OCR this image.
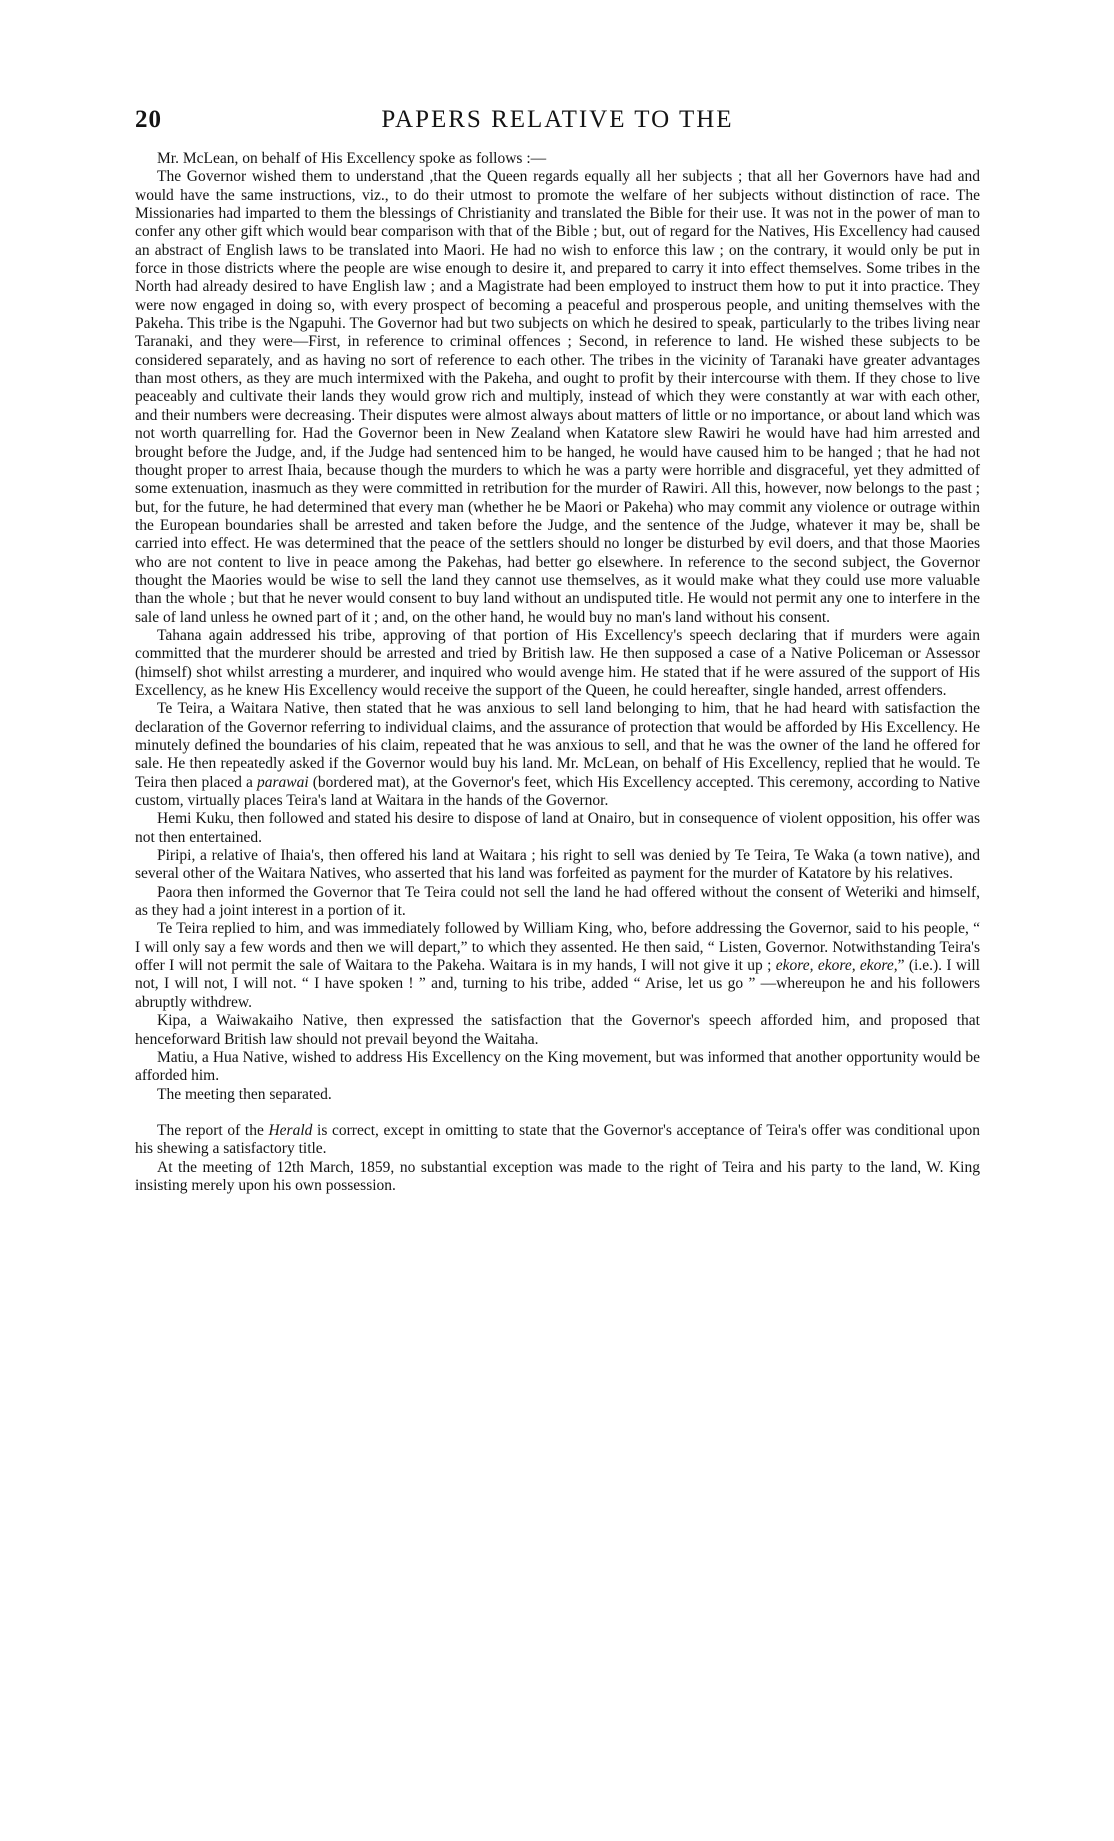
20	PAPERS RELATIVE TO THE

Mr. McLean, on behalf of His Excellency spoke as follows :—

The Governor wished them to understand ,that the Queen regards equally all her subjects ; that all her Governors have had and would have the same instructions, viz., to do their utmost to promote the welfare of her subjects without distinction of race. The Missionaries had imparted to them the blessings of Christianity and translated the Bible for their use. It was not in the power of man to confer any other gift which would bear comparison with that of the Bible ; but, out of regard for the Natives, His Excellency had caused an abstract of English laws to be translated into Maori. He had no wish to enforce this law ; on the contrary, it would only be put in force in those districts where the people are wise enough to desire it, and prepared to carry it into effect themselves. Some tribes in the North had already desired to have English law ; and a Magistrate had been employed to instruct them how to put it into practice. They were now engaged in doing so, with every prospect of becoming a peaceful and prosperous people, and uniting themselves with the Pakeha. This tribe is the Ngapuhi. The Governor had but two subjects on which he desired to speak, particularly to the tribes living near Taranaki, and they were—First, in reference to criminal offences ; Second, in reference to land. He wished these subjects to be considered separately, and as having no sort of reference to each other. The tribes in the vicinity of Taranaki have greater advantages than most others, as they are much intermixed with the Pakeha, and ought to profit by their intercourse with them. If they chose to live peaceably and cultivate their lands they would grow rich and multiply, instead of which they were constantly at war with each other, and their numbers were decreasing. Their disputes were almost always about matters of little or no importance, or about land which was not worth quarrelling for. Had the Governor been in New Zealand when Katatore slew Rawiri he would have had him arrested and brought before the Judge, and, if the Judge had sentenced him to be hanged, he would have caused him to be hanged ; that he had not thought proper to arrest Ihaia, because though the murders to which he was a party were horrible and disgraceful, yet they admitted of some extenuation, inasmuch as they were committed in retribution for the murder of Rawiri. All this, however, now belongs to the past ; but, for the future, he had determined that every man (whether he be Maori or Pakeha) who may commit any violence or outrage within the European boundaries shall be arrested and taken before the Judge, and the sentence of the Judge, whatever it may be, shall be carried into effect. He was determined that the peace of the settlers should no longer be disturbed by evil doers, and that those Maories who are not content to live in peace among the Pakehas, had better go elsewhere. In reference to the second subject, the Governor thought the Maories would be wise to sell the land they cannot use themselves, as it would make what they could use more valuable than the whole ; but that he never would consent to buy land without an undisputed title. He would not permit any one to interfere in the sale of land unless he owned part of it ; and, on the other hand, he would buy no man's land without his consent.

Tahana again addressed his tribe, approving of that portion of His Excellency's speech declaring that if murders were again committed that the murderer should be arrested and tried by British law. He then supposed a case of a Native Policeman or Assessor (himself) shot whilst arresting a murderer, and inquired who would avenge him. He stated that if he were assured of the support of His Excellency, as he knew His Excellency would receive the support of the Queen, he could hereafter, single handed, arrest offenders.

Te Teira, a Waitara Native, then stated that he was anxious to sell land belonging to him, that he had heard with satisfaction the declaration of the Governor referring to individual claims, and the assurance of protection that would be afforded by His Excellency. He minutely defined the boundaries of his claim, repeated that he was anxious to sell, and that he was the owner of the land he offered for sale. He then repeatedly asked if the Governor would buy his land. Mr. McLean, on behalf of His Excellency, replied that he would. Te Teira then placed a parawai (bordered mat), at the Governor's feet, which His Excellency accepted. This ceremony, according to Native custom, virtually places Teira's land at Waitara in the hands of the Governor.

Hemi Kuku, then followed and stated his desire to dispose of land at Onairo, but in consequence of violent opposition, his offer was not then entertained.

Piripi, a relative of Ihaia's, then offered his land at Waitara ; his right to sell was denied by Te Teira, Te Waka (a town native), and several other of the Waitara Natives, who asserted that his land was forfeited as payment for the murder of Katatore by his relatives.

Paora then informed the Governor that Te Teira could not sell the land he had offered without the consent of Weteriki and himself, as they had a joint interest in a portion of it.

Te Teira replied to him, and was immediately followed by William King, who, before addressing the Governor, said to his people, “ I will only say a few words and then we will depart,” to which they assented. He then said, “ Listen, Governor. Notwithstanding Teira's offer I will not permit the sale of Waitara to the Pakeha. Waitara is in my hands, I will not give it up ; ekore, ekore, ekore,” (i.e.). I will not, I will not, I will not. “ I have spoken ! ” and, turning to his tribe, added “ Arise, let us go ” —whereupon he and his followers abruptly withdrew.

Kipa, a Waiwakaiho Native, then expressed the satisfaction that the Governor's speech afforded him, and proposed that henceforward British law should not prevail beyond the Waitaha.

Matiu, a Hua Native, wished to address His Excellency on the King movement, but was informed that another opportunity would be afforded him.

The meeting then separated.

The report of the Herald is correct, except in omitting to state that the Governor's acceptance of Teira's offer was conditional upon his shewing a satisfactory title.

At the meeting of 12th March, 1859, no substantial exception was made to the right of Teira and his party to the land, W. King insisting merely upon his own possession.
